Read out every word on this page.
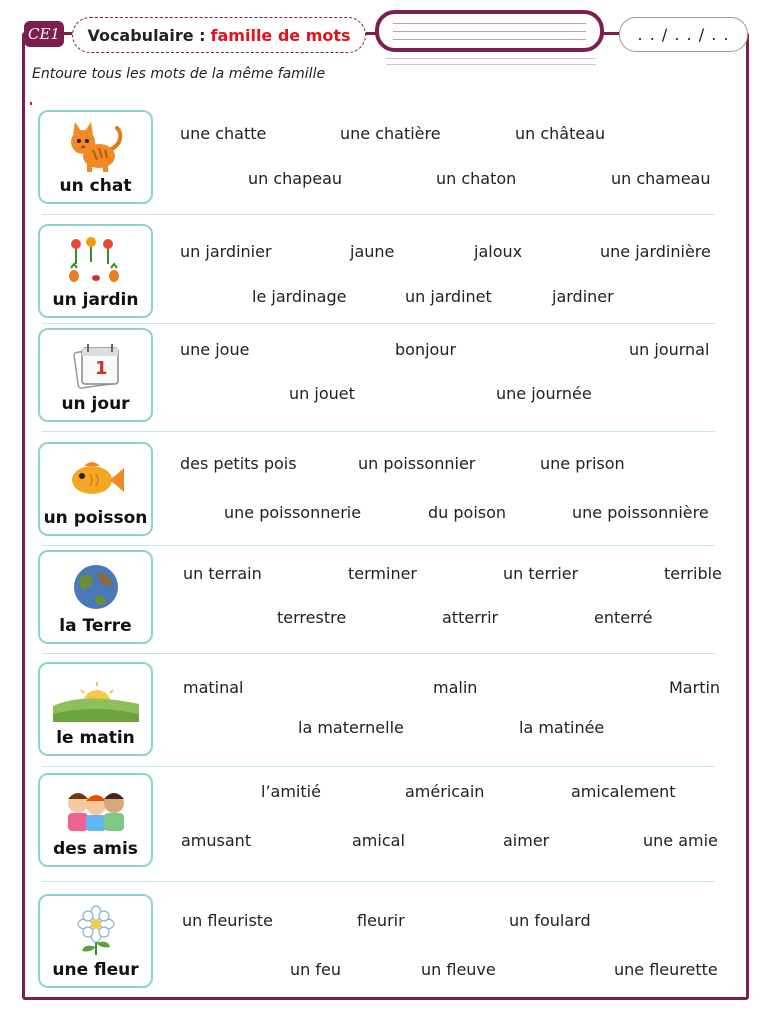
CE1 Vocabulaire : famille de mots	. . / . . / . .
Entoure tous les mots de la même famille
un chat
une chatte	une chatière	un château
un chapeau	un chaton	un chameau
un jardin
un jardinier	jaune	jaloux	une jardinière
le jardinage	un jardinet	jardiner
1
un jour
une joue	bonjour	un journal
un jouet	une journée
un poisson
des petits pois	un poissonnier	une prison
une poissonnerie	du poison	une poissonnière
la Terre
un terrain	terminer	un terrier	terrible
terrestre	atterrir	enterré
le matin
matinal	malin	Martin
la maternelle	la matinée
des amis
l’amitié	américain	amicalement
amusant	amical	aimer	une amie
une fleur
un fleuriste	fleurir	un foulard
un feu	un fleuve	une fleurette
